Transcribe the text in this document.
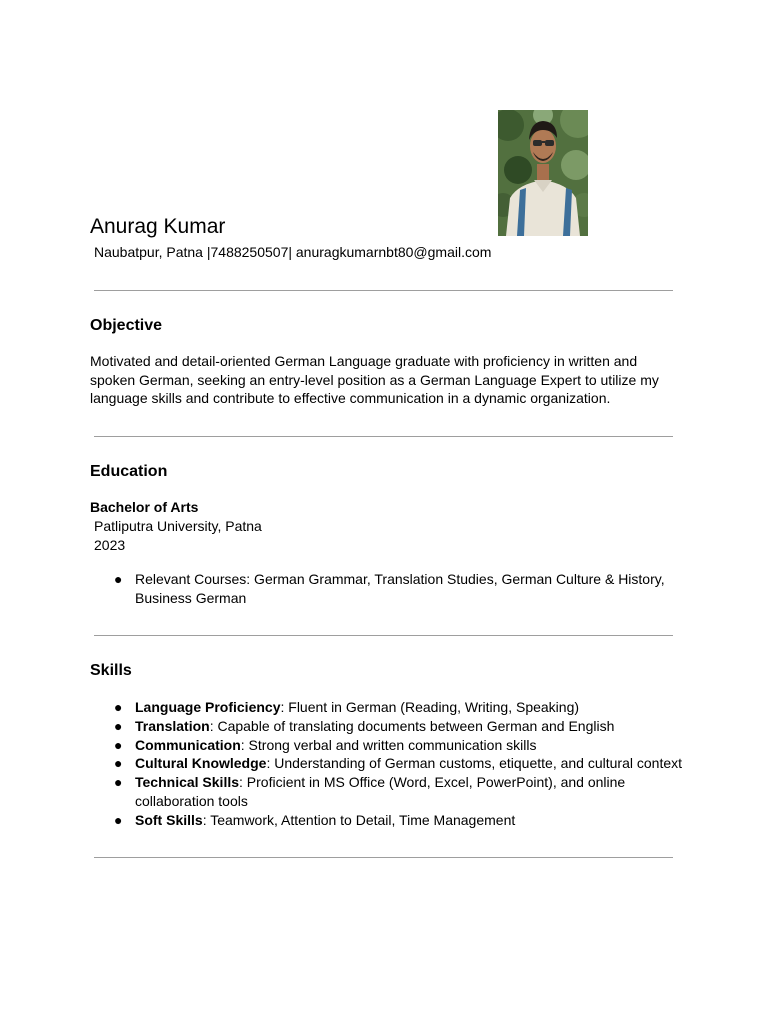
Anurag Kumar
Naubatpur, Patna |7488250507| anuragkumarnbt80@gmail.com
Objective
Motivated and detail-oriented German Language graduate with proficiency in written and
spoken German, seeking an entry-level position as a German Language Expert to utilize my
language skills and contribute to effective communication in a dynamic organization.
Education
Bachelor of Arts
Patliputra University, Patna
2023
● Relevant Courses: German Grammar, Translation Studies, German Culture & History,
Business German
Skills
● Language Proficiency: Fluent in German (Reading, Writing, Speaking)
● Translation: Capable of translating documents between German and English
● Communication: Strong verbal and written communication skills
● Cultural Knowledge: Understanding of German customs, etiquette, and cultural context
● Technical Skills: Proficient in MS Office (Word, Excel, PowerPoint), and online
collaboration tools
● Soft Skills: Teamwork, Attention to Detail, Time Management
